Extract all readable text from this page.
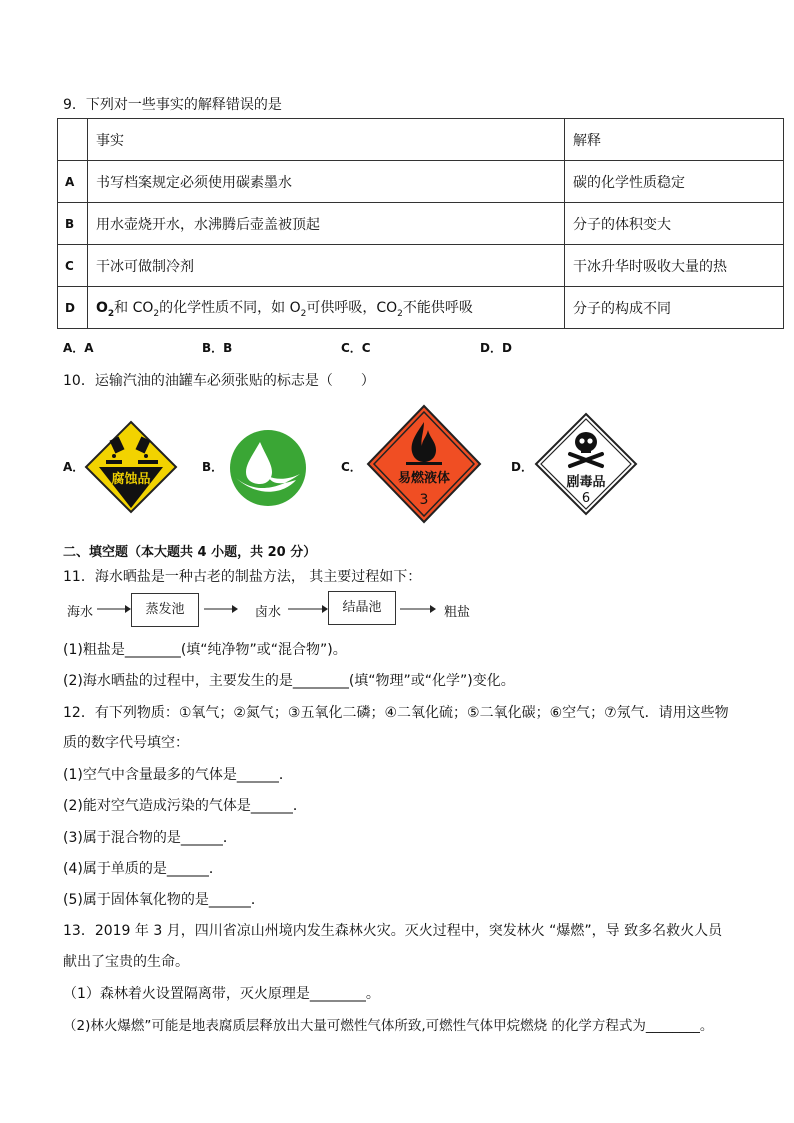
9．下列对一些事实的解释错误的是
	事实	解释
A	书写档案规定必须使用碳素墨水	碳的化学性质稳定
B	用水壶烧开水，水沸腾后壶盖被顶起	分子的体积变大
C	干冰可做制冷剂	干冰升华时吸收大量的热
D	$O_2$和 $CO_2$的化学性质不同，如 $O_2$可供呼吸，$CO_2$不能供呼吸	分子的构成不同
A．A	B．B	C．C	D．D
10．运输汽油的油罐车必须张贴的标志是（　　）
A．
腐蚀品
B．	C．
易燃液体
3
D．
剧毒品
6
二、填空题（本大题共 4 小题，共 20 分）
11．海水晒盐是一种古老的制盐方法， 其主要过程如下：
海水	蒸发池	卤水	结晶池	粗盐
(1)粗盐是________(填“纯净物”或“混合物”)。
(2)海水晒盐的过程中，主要发生的是________(填“物理”或“化学”)变化。
12．有下列物质：①氧气；②氮气；③五氧化二磷；④二氧化硫；⑤二氧化碳；⑥空气；⑦氖气．请用这些物
质的数字代号填空：
(1)空气中含量最多的气体是______．
(2)能对空气造成污染的气体是______．
(3)属于混合物的是______．
(4)属于单质的是______．
(5)属于固体氧化物的是______．
13．2019 年 3 月，四川省凉山州境内发生森林火灾。灭火过程中，突发林火 “爆燃”，导 致多名救火人员
献出了宝贵的生命。
（1）森林着火设置隔离带，灭火原理是________。
（2)林火爆燃”可能是地表腐质层释放出大量可燃性气体所致,可燃性气体甲烷燃烧 的化学方程式为________。
